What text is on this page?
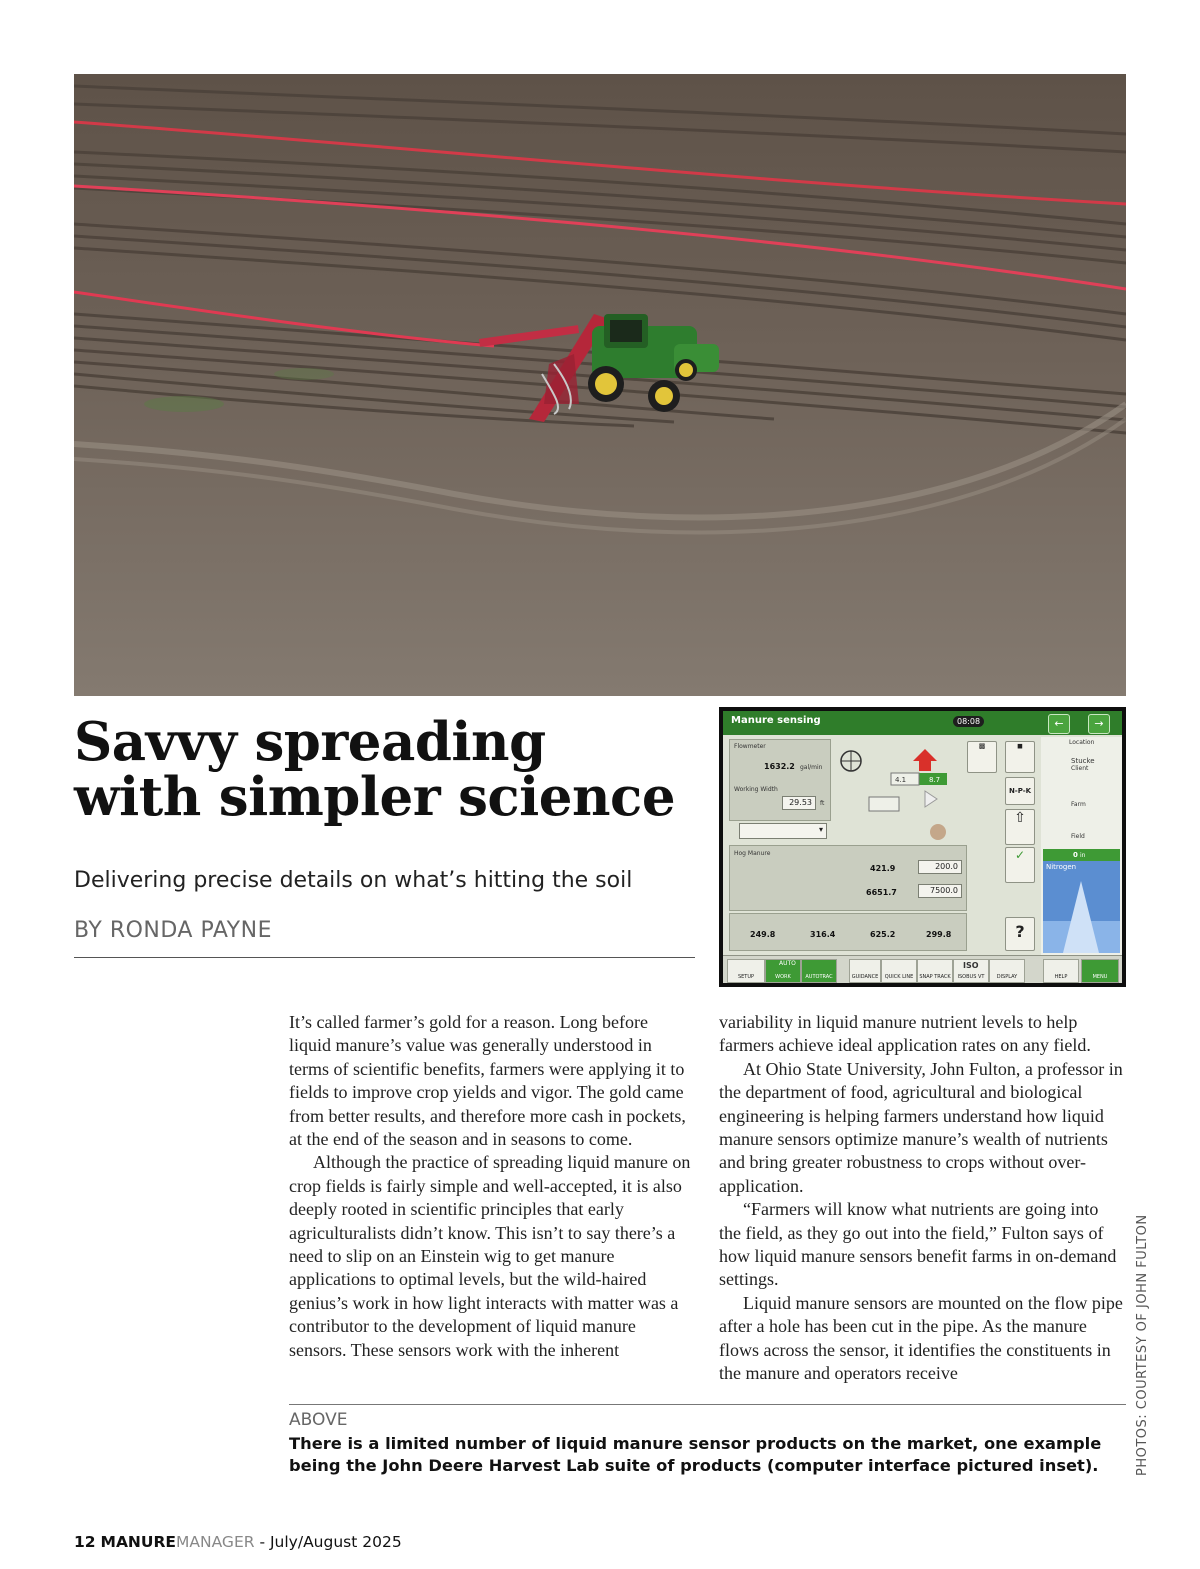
Savvy spreading
with simpler science
Delivering precise details on what’s hitting the soil
BY RONDA PAYNE
Manure sensing	08:08	←	→
Flowmeter
1632.2 gal/min
Working Width
29.53	ft
4.1	8.7
▾
Hog Manure
421.9	200.0
6651.7	7500.0
249.8	316.4	625.2	299.8
▩	◼
N-P-K
⇧
✓
?
Location
Stucke
Client
Farm
Field
0 in
Nitrogen
SETUP	WORK	AUTOTRAC	GUIDANCE	QUICK LINE	SNAP TRACK	ISOBUS VT	DISPLAY	HELP	MENU
AUTO	ISO

It’s called farmer’s gold for a reason. Long before liquid manure’s value was generally understood in terms of scientific benefits, farmers were applying it to fields to improve crop yields and vigor. The gold came from better results, and therefore more cash in pockets, at the end of the season and in seasons to come.

Although the practice of spreading liquid manure on crop fields is fairly simple and well-accepted, it is also deeply rooted in scientific principles that early agriculturalists didn’t know. This isn’t to say there’s a need to slip on an Einstein wig to get manure applications to optimal levels, but the wild-haired genius’s work in how light interacts with matter was a contributor to the development of liquid manure sensors. These sensors work with the inherent

variability in liquid manure nutrient levels to help farmers achieve ideal application rates on any field.

At Ohio State University, John Fulton, a professor in the department of food, agricultural and biological engineering is helping farmers understand how liquid manure sensors optimize manure’s wealth of nutrients and bring greater robustness to crops without over-application.

“Farmers will know what nutrients are going into the field, as they go out into the field,” Fulton says of how liquid manure sensors benefit farms in on-demand settings.

Liquid manure sensors are mounted on the flow pipe after a hole has been cut in the pipe. As the manure flows across the sensor, it identifies the constituents in the manure and operators receive

ABOVE
There is a limited number of liquid manure sensor products on the market, one example being the John Deere Harvest Lab suite of products (computer interface pictured inset).	PHOTOS: COURTESY OF JOHN FULTON
12 MANUREMANAGER - July/August 2025
